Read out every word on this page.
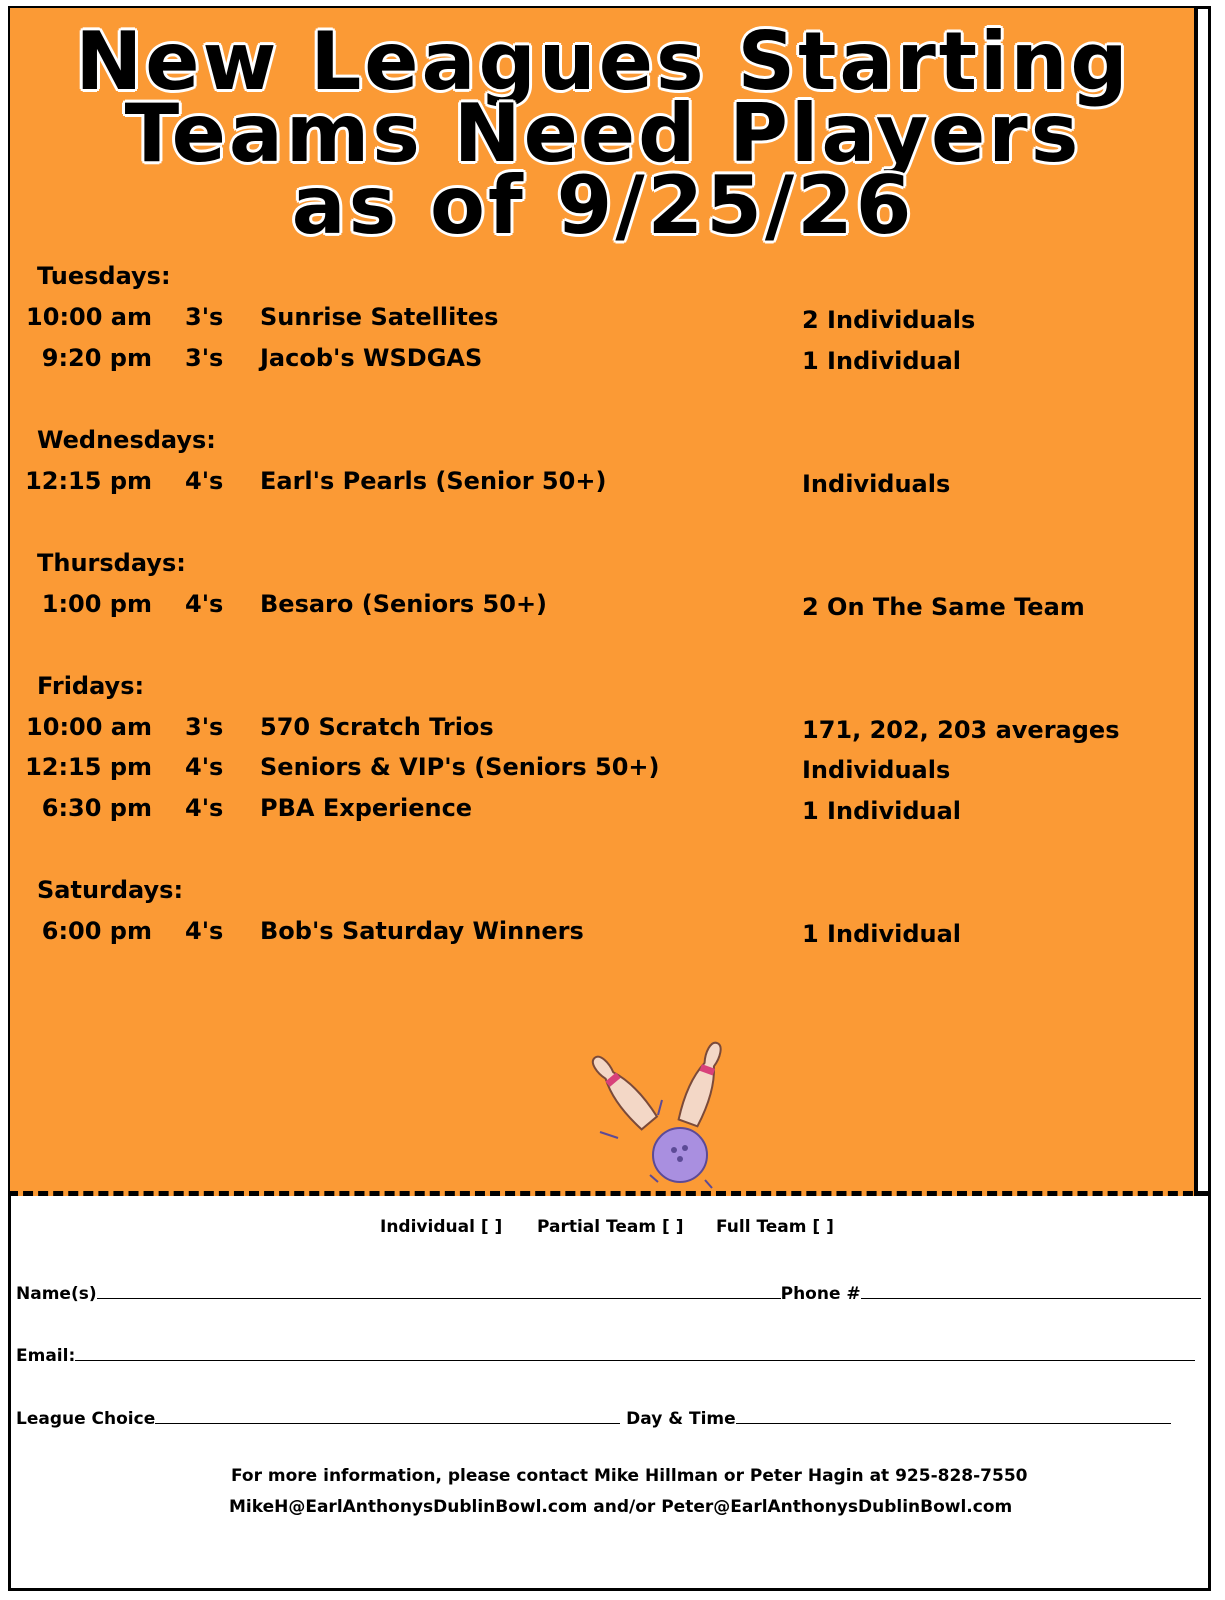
New Leagues Starting
Teams Need Players
as of 9/25/26
Tuesdays:
10:00 am 3's Sunrise Satellites	2 Individuals
9:20 pm 3's Jacob's WSDGAS	1 Individual
Wednesdays:
12:15 pm 4's Earl's Pearls (Senior 50+)	Individuals
Thursdays:
1:00 pm 4's Besaro (Seniors 50+)	2 On The Same Team
Fridays:
10:00 am 3's 570 Scratch Trios	171, 202, 203 averages
12:15 pm 4's Seniors & VIP's (Seniors 50+)	Individuals
6:30 pm 4's PBA Experience	1 Individual
Saturdays:
6:00 pm 4's Bob's Saturday Winners	1 Individual
Individual [ ] Partial Team [ ] Full Team [ ]
Name(s)	Phone #
Email:
League Choice	Day & Time
For more information, please contact Mike Hillman or Peter Hagin at 925-828-7550
MikeH@EarlAnthonysDublinBowl.com and/or Peter@EarlAnthonysDublinBowl.com
